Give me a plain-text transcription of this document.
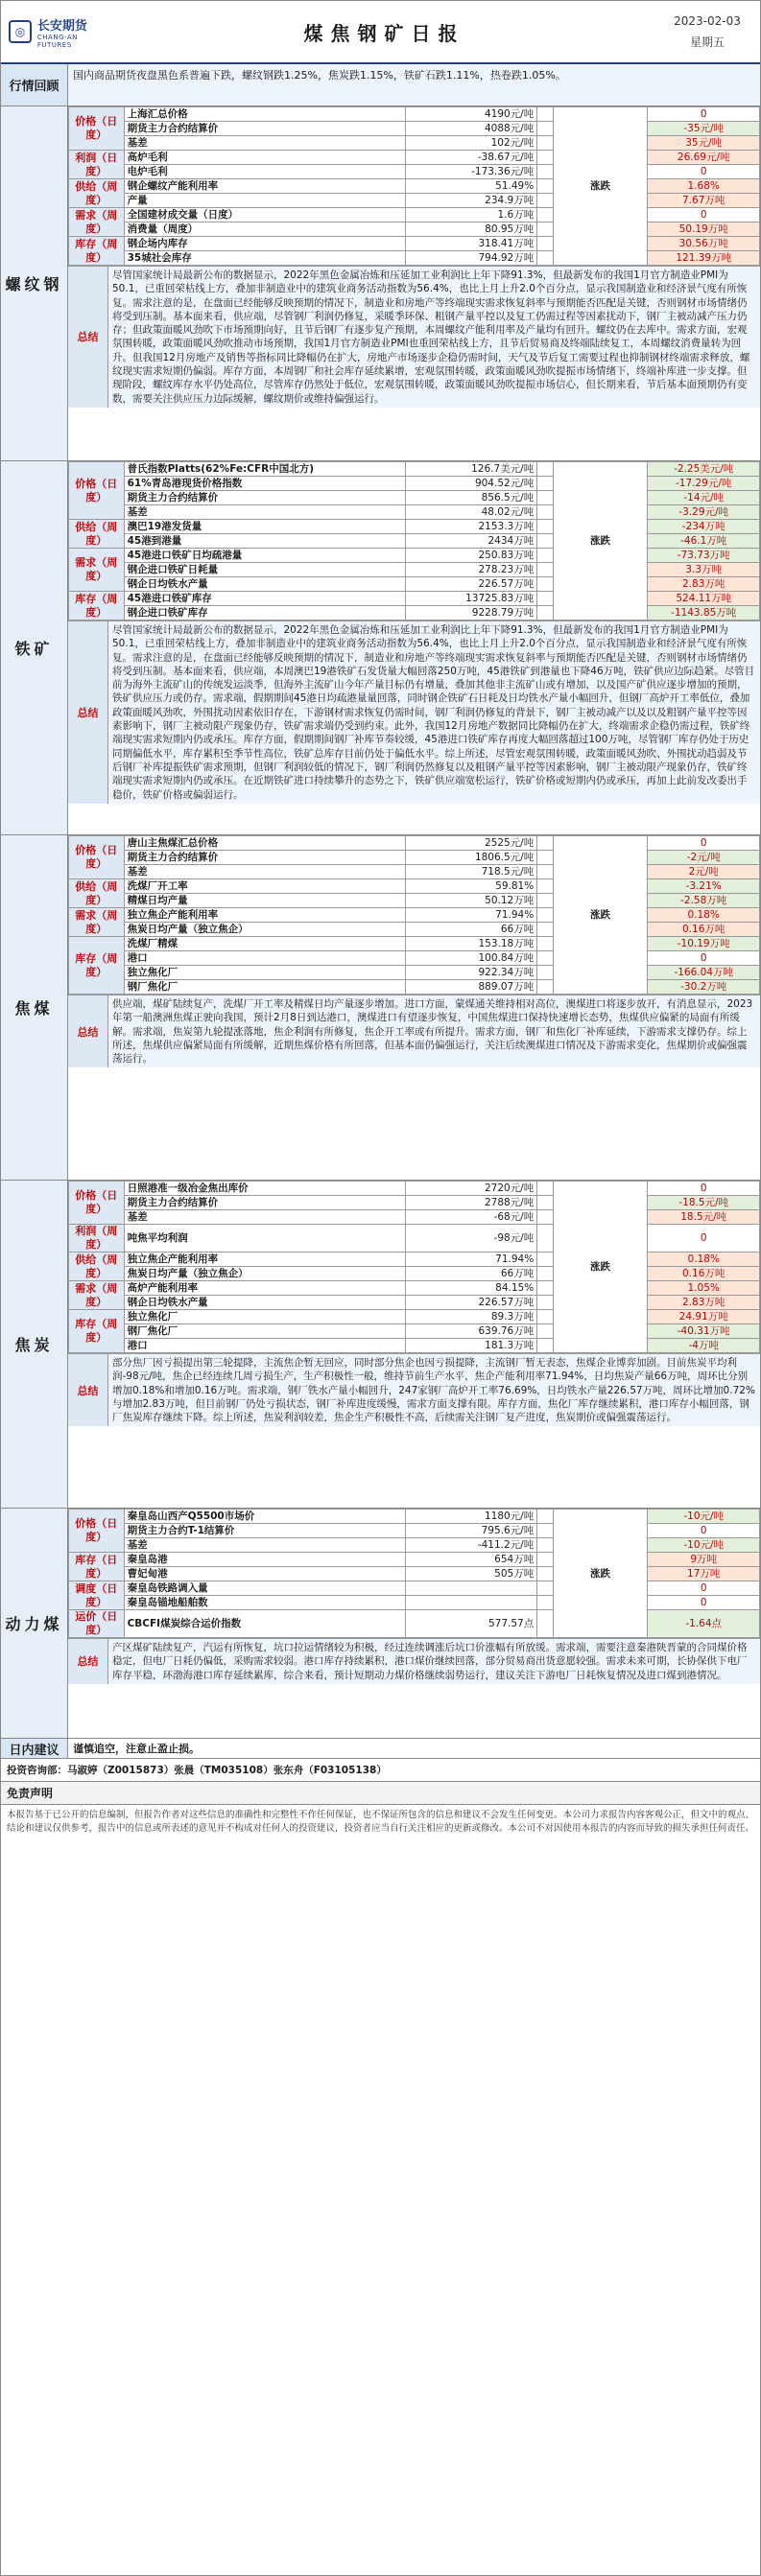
◎ 长安期货
CHANG-AN FUTURES	煤焦钢矿日报
2023-02-03
星期五
行情回顾
国内商品期货夜盘黑色系普遍下跌，螺纹钢跌1.25%，焦炭跌1.15%，铁矿石跌1.11%，热卷跌1.05%。
螺纹钢
价格（日度）	上海汇总价格	4190元/吨		涨跌	0
	期货主力合约结算价	4088元/吨			-35元/吨
	基差	102元/吨			35元/吨
利润（日度）	高炉毛利	-38.67元/吨			26.69元/吨
	电炉毛利	-173.36元/吨			0
供给（周度）	钢企螺纹产能利用率	51.49%			1.68%
	产量	234.9万吨			7.67万吨
需求（周度）	全国建材成交量（日度）	1.6万吨			0
	消费量（周度）	80.95万吨			50.19万吨
库存（周度）	钢企场内库存	318.41万吨			30.56万吨
	35城社会库存	794.92万吨			121.39万吨
总结
尽管国家统计局最新公布的数据显示，2022年黑色金属冶炼和压延加工业利润比上年下降91.3%，但最新发布的我国1月官方制造业PMI为50.1，已重回荣枯线上方，叠加非制造业中的建筑业商务活动指数为56.4%，也比上月上升2.0个百分点，显示我国制造业和经济景气度有所恢复。需求注意的是，在盘面已经能够反映预期的情况下，制造业和房地产等终端现实需求恢复斜率与预期能否匹配是关键，否则钢材市场情绪仍将受到压制。基本面来看，供应端，尽管钢厂利润仍修复，采暖季环保、粗钢产量平控以及复工仍需过程等因素扰动下，钢厂主被动减产压力仍存；但政策面暖风劲吹下市场预期向好，且节后钢厂有逐步复产预期，本周螺纹产能利用率及产量均有回升。螺纹仍在去库中。需求方面，宏观氛围转暖，政策面暖风劲吹推动市场预期，我国1月官方制造业PMI也重回荣枯线上方，且节后贸易商及终端陆续复工，本周螺纹消费量转为回升。但我国12月房地产及销售等指标同比降幅仍在扩大，房地产市场逐步企稳仍需时间，天气及节后复工需要过程也抑制钢材终端需求释放，螺纹现实需求短期仍偏弱。库存方面，本周钢厂和社会库存延续累增，宏观氛围转暖，政策面暖风劲吹提振市场情绪下，终端补库进一步支撑。但现阶段，螺纹库存水平仍处高位，尽管库存仍然处于低位，宏观氛围转暖，政策面暖风劲吹提振市场信心，但长期来看，节后基本面预期仍有变数，需要关注供应压力边际缓解，螺纹期价或维持偏强运行。
铁矿
价格（日度）	普氏指数Platts(62%Fe:CFR中国北方)	126.7美元/吨		涨跌	-2.25美元/吨
	61%青岛港现货价格指数	904.52元/吨			-17.29元/吨
	期货主力合约结算价	856.5元/吨			-14元/吨
	基差	48.02元/吨			-3.29元/吨
供给（周度）	澳巴19港发货量	2153.3万吨			-234万吨
	45港到港量	2434万吨			-46.1万吨
需求（周度）	45港进口铁矿日均疏港量	250.83万吨			-73.73万吨
	钢企进口铁矿日耗量	278.23万吨			3.3万吨
	钢企日均铁水产量	226.57万吨			2.83万吨
库存（周度）	45港进口铁矿库存	13725.83万吨			524.11万吨
	钢企进口铁矿库存	9228.79万吨			-1143.85万吨
总结
尽管国家统计局最新公布的数据显示，2022年黑色金属冶炼和压延加工业利润比上年下降91.3%，但最新发布的我国1月官方制造业PMI为50.1，已重回荣枯线上方，叠加非制造业中的建筑业商务活动指数为56.4%，也比上月上升2.0个百分点，显示我国制造业和经济景气度有所恢复。需求注意的是，在盘面已经能够反映预期的情况下，制造业和房地产等终端现实需求恢复斜率与预期能否匹配是关键，否则钢材市场情绪仍将受到压制。基本面来看，供应端，本周澳巴19港铁矿石发货量大幅回落250万吨，45港铁矿到港量也下降46万吨，铁矿供应边际趋紧。尽管目前为海外主流矿山的传统发运淡季，但海外主流矿山今年产量目标仍有增量，叠加其他非主流矿山或有增加，以及国产矿供应逐步增加的预期，铁矿供应压力或仍存。需求端，假期期间45港日均疏港量量回落，同时钢企铁矿石日耗及日均铁水产量小幅回升，但钢厂高炉开工率低位，叠加政策面暖风劲吹，外围扰动因素依旧存在，下游钢材需求恢复仍需时间，钢厂利润仍修复的背景下，钢厂主被动减产以及以及粗钢产量平控等因素影响下，钢厂主被动限产现象仍存，铁矿需求端仍受到约束。此外，我国12月房地产数据同比降幅仍在扩大，终端需求企稳仍需过程，铁矿终端现实需求短期内仍或承压。库存方面，假期期间钢厂补库节奏较缓，45港进口铁矿库存再度大幅回落超过100万吨，尽管钢厂库存仍处于历史同期偏低水平，库存累积至季节性高位，铁矿总库存目前仍处于偏低水平。综上所述，尽管宏观氛围转暖，政策面暖风劲吹、外围扰动趋弱及节后钢厂补库提振铁矿需求预期，但钢厂利润较低的情况下，钢厂利润仍然修复以及粗钢产量平控等因素影响，钢厂主被动限产现象仍存，铁矿终端现实需求短期内仍或承压。在近期铁矿进口持续攀升的态势之下，铁矿供应端宽松运行，铁矿价格或短期内仍或承压，再加上此前发改委出手稳价，铁矿价格或偏弱运行。
焦煤
价格（日度）	唐山主焦煤汇总价格	2525元/吨		涨跌	0
	期货主力合约结算价	1806.5元/吨			-2元/吨
	基差	718.5元/吨			2元/吨
供给（周度）	洗煤厂开工率	59.81%			-3.21%
	精煤日均产量	50.12万吨			-2.58万吨
需求（周度）	独立焦企产能利用率	71.94%			0.18%
	焦炭日均产量（独立焦企）	66万吨			0.16万吨
库存（周度）	洗煤厂精煤	153.18万吨			-10.19万吨
	港口	100.84万吨			0
	独立焦化厂	922.34万吨			-166.04万吨
	钢厂焦化厂	889.07万吨			-30.2万吨
总结
供应端，煤矿陆续复产，洗煤厂开工率及精煤日均产量逐步增加。进口方面，蒙煤通关维持相对高位，澳煤进口将逐步放开，有消息显示，2023年第一船澳洲焦煤正驶向我国，预计2月8日到达港口，澳煤进口有望逐步恢复，中国焦煤进口保持快速增长态势，焦煤供应偏紧的局面有所缓解。需求端，焦炭第九轮提涨落地，焦企利润有所修复，焦企开工率或有所提升。需求方面，钢厂和焦化厂补库延续，下游需求支撑仍存。综上所述，焦煤供应偏紧局面有所缓解，近期焦煤价格有所回落，但基本面仍偏强运行，关注后续澳煤进口情况及下游需求变化，焦煤期价或偏强震荡运行。
焦炭
价格（日度）	日照港准一级冶金焦出库价	2720元/吨		涨跌	0
	期货主力合约结算价	2788元/吨			-18.5元/吨
	基差	-68元/吨			18.5元/吨
利润（周度）	吨焦平均利润	-98元/吨			0
供给（周度）	独立焦企产能利用率	71.94%			0.18%
	焦炭日均产量（独立焦企）	66万吨			0.16万吨
需求（周度）	高炉产能利用率	84.15%			1.05%
	钢企日均铁水产量	226.57万吨			2.83万吨
库存（周度）	独立焦化厂	89.3万吨			24.91万吨
	钢厂焦化厂	639.76万吨			-40.31万吨
	港口	181.3万吨			-4万吨
总结
部分焦厂因亏损提出第三轮提降，主流焦企暂无回应，同时部分焦企也因亏损提降，主流钢厂暂无表态，焦煤企业博弈加剧。目前焦炭平均利润-98元/吨，焦企已经连续几周亏损生产，生产积极性一般，维持节前生产水平，焦企产能利用率71.94%，日均焦炭产量66万吨，周环比分别增加0.18%和增加0.16万吨。需求端，钢厂铁水产量小幅回升，247家钢厂高炉开工率76.69%，日均铁水产量226.57万吨，周环比增加0.72%与增加2.83万吨，但目前钢厂仍处亏损状态，钢厂补库进度缓慢，需求方面支撑有限。库存方面，焦化厂库存继续累积，港口库存小幅回落，钢厂焦炭库存继续下降。综上所述，焦炭利润较差，焦企生产积极性不高，后续需关注钢厂复产进度，焦炭期价或偏强震荡运行。
动力煤
价格（日度）	秦皇岛山西产Q5500市场价	1180元/吨		涨跌	-10元/吨
	期货主力合约T-1结算价	795.6元/吨			0
	基差	-411.2元/吨			-10元/吨
库存（日度）	秦皇岛港	654万吨			9万吨
	曹妃甸港	505万吨			17万吨
调度（日度）	秦皇岛铁路调入量				0
	秦皇岛锚地船舶数				0
运价（日度）	CBCFI煤炭综合运价指数	577.57点			-1.64点
总结
产区煤矿陆续复产，汽运有所恢复，坑口拉运情绪较为积极，经过连续调涨后坑口价涨幅有所放缓。需求端，需要注意秦港陕晋蒙的合同煤价格稳定，但电厂日耗仍偏低，采购需求较弱。港口库存持续累积，港口煤价继续回落，部分贸易商出货意愿较强。需求未来可期，长协保供下电厂库存平稳，环渤海港口库存延续累库，综合来看，预计短期动力煤价格继续弱势运行，建议关注下游电厂日耗恢复情况及进口煤到港情况。
日内建议	谨慎追空，注意止盈止损。
投资咨询部：马淑婷（Z0015873）张晨（TM035108）张东舟（F03105138）
免责声明
本报告基于已公开的信息编制，但报告作者对这些信息的准确性和完整性不作任何保证，也不保证所包含的信息和建议不会发生任何变更。本公司力求报告内容客观公正，但文中的观点、结论和建议仅供参考，报告中的信息或所表述的意见并不构成对任何人的投资建议，投资者应当自行关注相应的更新或修改。本公司不对因使用本报告的内容而导致的损失承担任何责任。
